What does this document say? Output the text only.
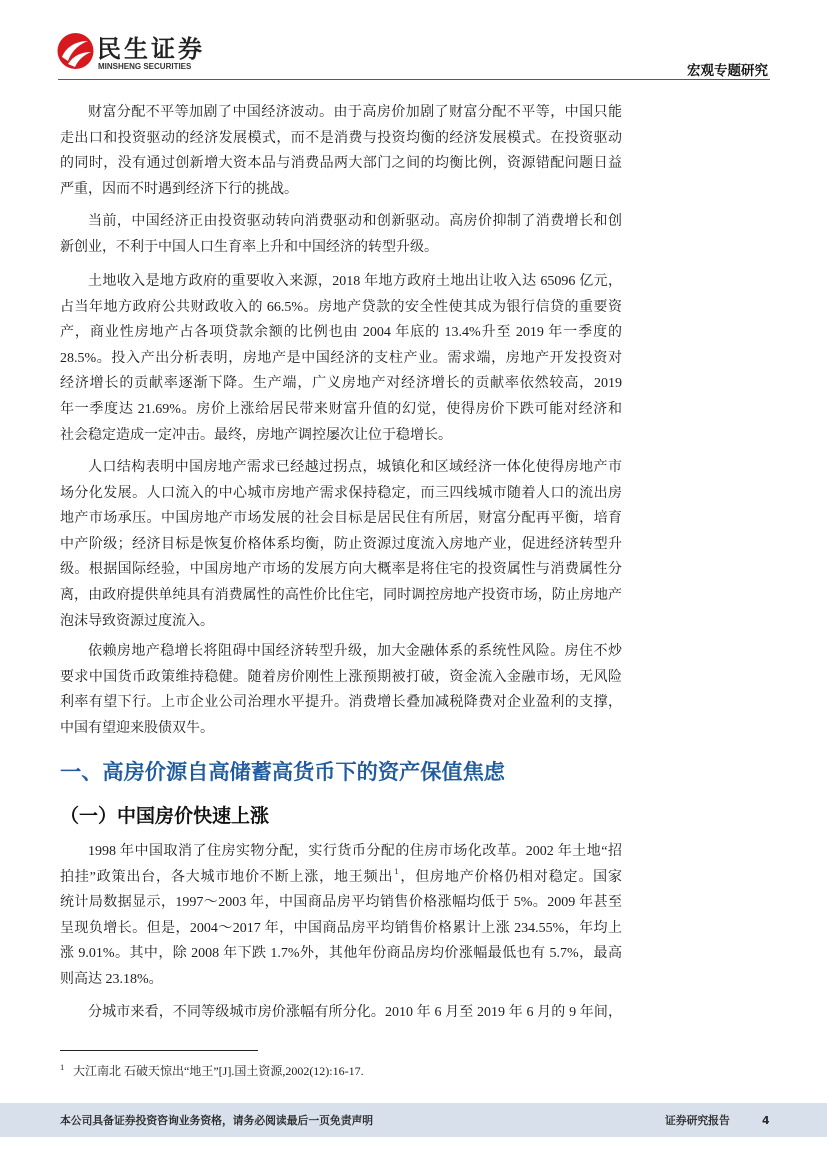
民生证券
MINSHENG SECURITIES	宏观专题研究
财富分配不平等加剧了中国经济波动。由于高房价加剧了财富分配不平等，中国只能
走出口和投资驱动的经济发展模式，而不是消费与投资均衡的经济发展模式。在投资驱动
的同时，没有通过创新增大资本品与消费品两大部门之间的均衡比例，资源错配问题日益
严重，因而不时遇到经济下行的挑战。
当前，中国经济正由投资驱动转向消费驱动和创新驱动。高房价抑制了消费增长和创
新创业，不利于中国人口生育率上升和中国经济的转型升级。
土地收入是地方政府的重要收入来源，2018 年地方政府土地出让收入达 65096 亿元，
占当年地方政府公共财政收入的 66.5%。房地产贷款的安全性使其成为银行信贷的重要资
产，商业性房地产占各项贷款余额的比例也由 2004 年底的 13.4%升至 2019 年一季度的
28.5%。投入产出分析表明，房地产是中国经济的支柱产业。需求端，房地产开发投资对
经济增长的贡献率逐渐下降。生产端，广义房地产对经济增长的贡献率依然较高，2019
年一季度达 21.69%。房价上涨给居民带来财富升值的幻觉，使得房价下跌可能对经济和
社会稳定造成一定冲击。最终，房地产调控屡次让位于稳增长。
人口结构表明中国房地产需求已经越过拐点，城镇化和区域经济一体化使得房地产市
场分化发展。人口流入的中心城市房地产需求保持稳定，而三四线城市随着人口的流出房
地产市场承压。中国房地产市场发展的社会目标是居民住有所居，财富分配再平衡，培育
中产阶级；经济目标是恢复价格体系均衡，防止资源过度流入房地产业，促进经济转型升
级。根据国际经验，中国房地产市场的发展方向大概率是将住宅的投资属性与消费属性分
离，由政府提供单纯具有消费属性的高性价比住宅，同时调控房地产投资市场，防止房地产
泡沫导致资源过度流入。
依赖房地产稳增长将阻碍中国经济转型升级，加大金融体系的系统性风险。房住不炒
要求中国货币政策维持稳健。随着房价刚性上涨预期被打破，资金流入金融市场，无风险
利率有望下行。上市企业公司治理水平提升。消费增长叠加减税降费对企业盈利的支撑，
中国有望迎来股债双牛。
一、高房价源自高储蓄高货币下的资产保值焦虑
（一）中国房价快速上涨
1998 年中国取消了住房实物分配，实行货币分配的住房市场化改革。2002 年土地“招
拍挂”政策出台，各大城市地价不断上涨，地王频出$^1$，但房地产价格仍相对稳定。国家
统计局数据显示，1997～2003 年，中国商品房平均销售价格涨幅均低于 5%。2009 年甚至
呈现负增长。但是，2004～2017 年，中国商品房平均销售价格累计上涨 234.55%，年均上
涨 9.01%。其中，除 2008 年下跌 1.7%外，其他年份商品房均价涨幅最低也有 5.7%，最高
则高达 23.18%。
分城市来看，不同等级城市房价涨幅有所分化。2010 年 6 月至 2019 年 6 月的 9 年间，
1 大江南北 石破天惊出“地王”[J].国土资源,2002(12):16-17.
本公司具备证券投资咨询业务资格，请务必阅读最后一页免责声明	证券研究报告	4
